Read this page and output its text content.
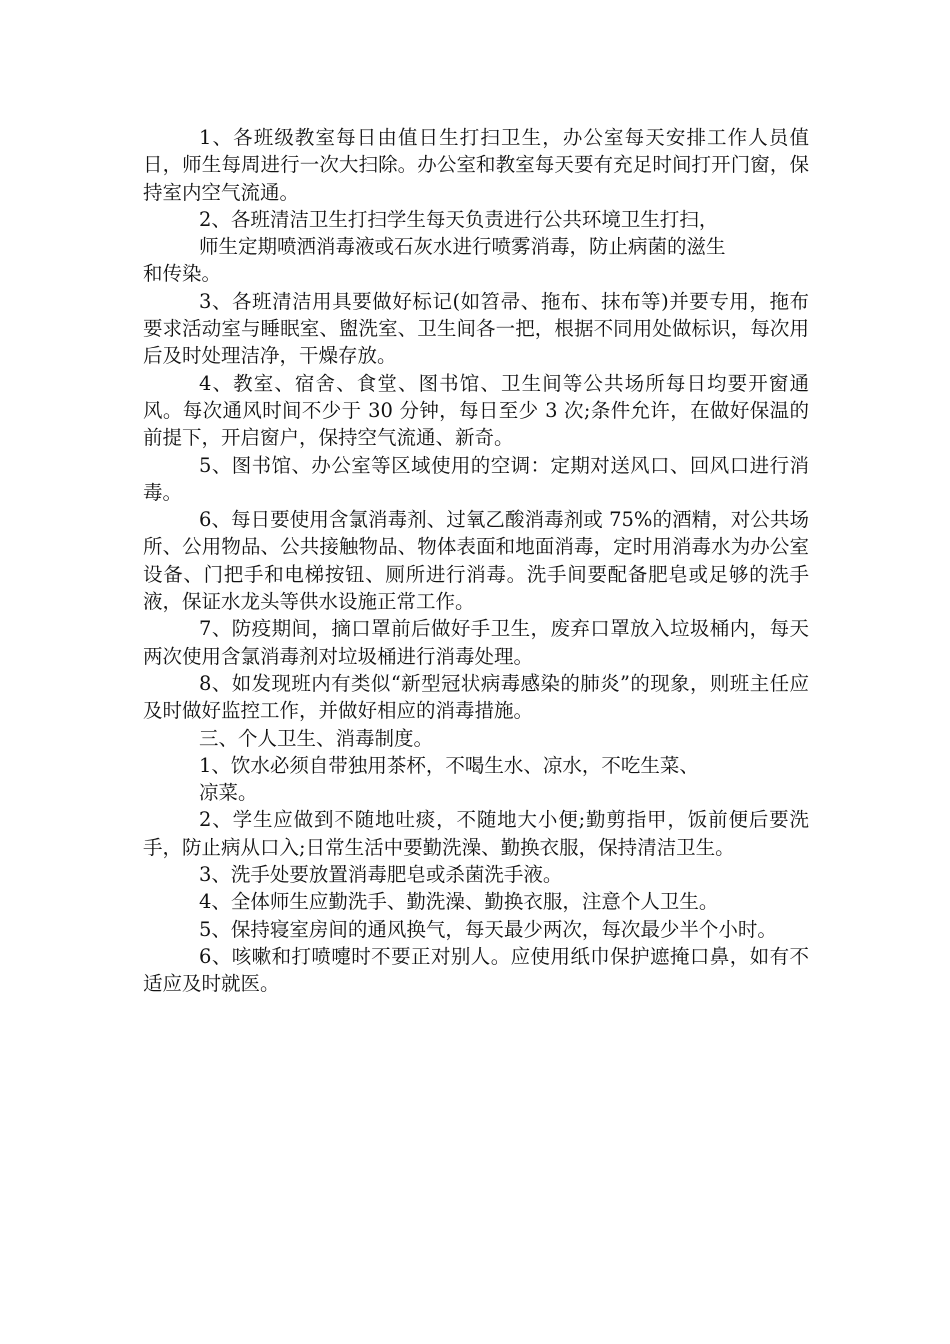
1、各班级教室每日由值日生打扫卫生，办公室每天安排工作人员值日，师生每周进行一次大扫除。办公室和教室每天要有充足时间打开门窗，保持室内空气流通。

2、各班清洁卫生打扫学生每天负责进行公共环境卫生打扫，

师生定期喷洒消毒液或石灰水进行喷雾消毒，防止病菌的滋生

和传染。

3、各班清洁用具要做好标记(如笤帚、拖布、抹布等)并要专用，拖布要求活动室与睡眠室、盥洗室、卫生间各一把，根据不同用处做标识，每次用后及时处理洁净，干燥存放。

4、教室、宿舍、食堂、图书馆、卫生间等公共场所每日均要开窗通风。每次通风时间不少于 30 分钟，每日至少 3 次;条件允许，在做好保温的前提下，开启窗户，保持空气流通、新奇。

5、图书馆、办公室等区域使用的空调：定期对送风口、回风口进行消毒。

6、每日要使用含氯消毒剂、过氧乙酸消毒剂或 75%的酒精，对公共场所、公用物品、公共接触物品、物体表面和地面消毒，定时用消毒水为办公室设备、门把手和电梯按钮、厕所进行消毒。洗手间要配备肥皂或足够的洗手液，保证水龙头等供水设施正常工作。

7、防疫期间，摘口罩前后做好手卫生，废弃口罩放入垃圾桶内，每天两次使用含氯消毒剂对垃圾桶进行消毒处理。

8、如发现班内有类似“新型冠状病毒感染的肺炎”的现象，则班主任应及时做好监控工作，并做好相应的消毒措施。

三、个人卫生、消毒制度。

1、饮水必须自带独用茶杯，不喝生水、凉水，不吃生菜、

凉菜。

2、学生应做到不随地吐痰，不随地大小便;勤剪指甲，饭前便后要洗手，防止病从口入;日常生活中要勤洗澡、勤换衣服，保持清洁卫生。

3、洗手处要放置消毒肥皂或杀菌洗手液。

4、全体师生应勤洗手、勤洗澡、勤换衣服，注意个人卫生。

5、保持寝室房间的通风换气，每天最少两次，每次最少半个小时。

6、咳嗽和打喷嚏时不要正对别人。应使用纸巾保护遮掩口鼻，如有不适应及时就医。
